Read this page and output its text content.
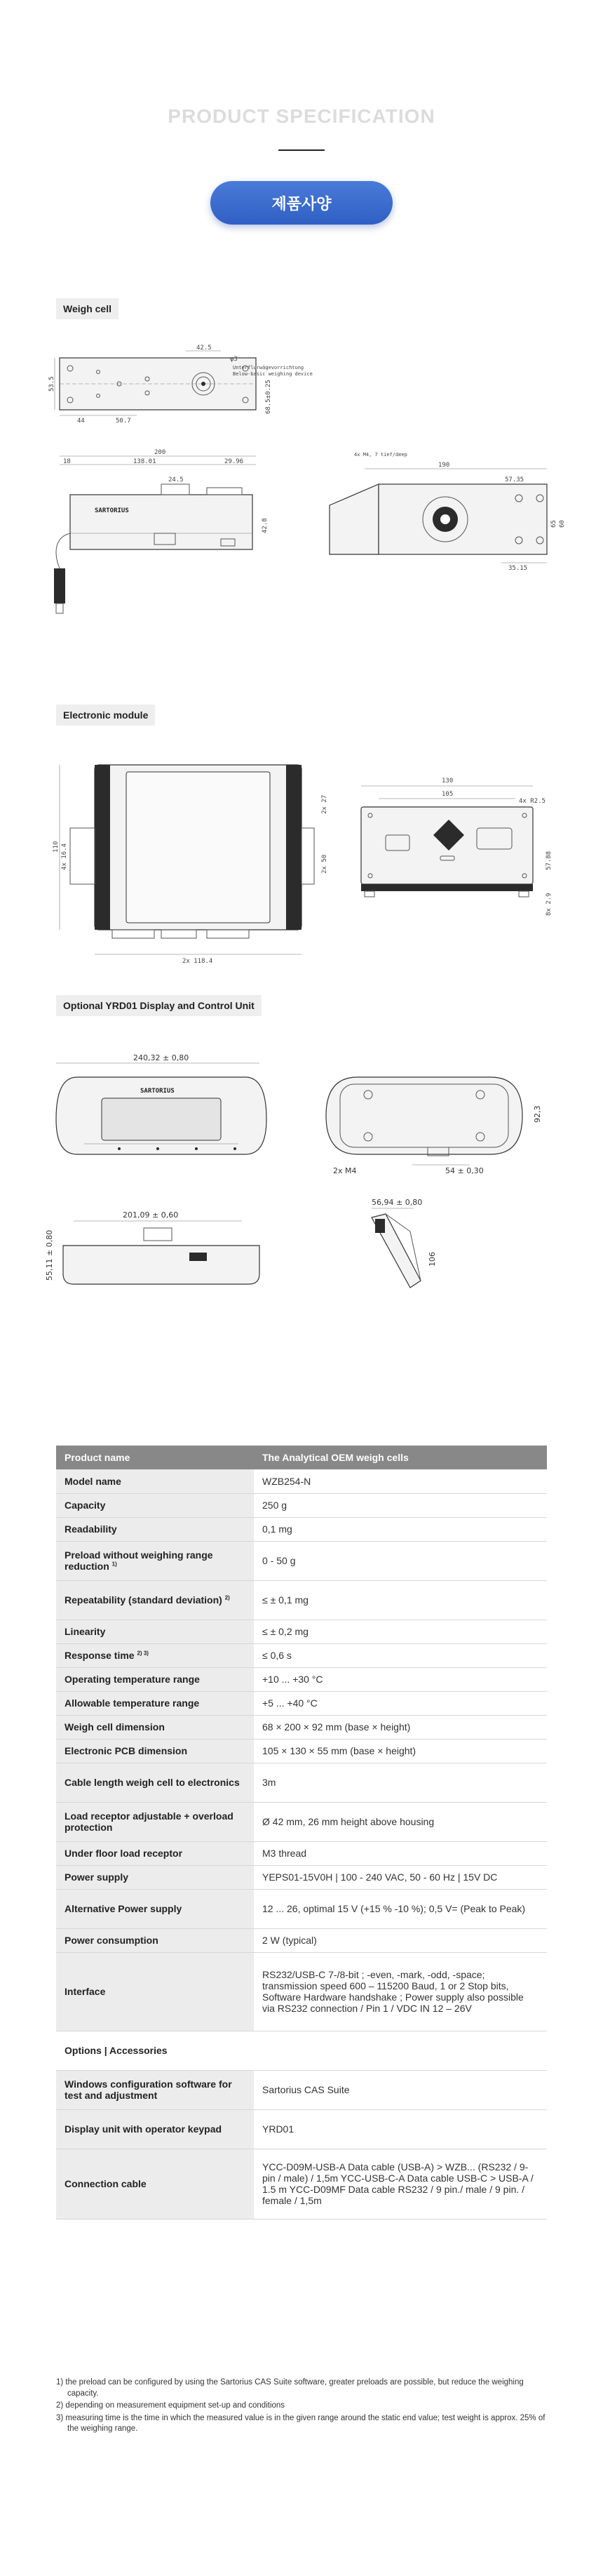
PRODUCT SPECIFICATION
제품사양
Weigh cell
42.5
φ3
Unterflurwägevorrichtung
Below-basic weighing device
53.5
44	50.7
68.5±0.25
200
18	138.01	29.96
SARTORIUS
24.5
42.8
190
4x M4, 7 tief/deep
57.35
65 60
35.15
Electronic module
110 4x 16.4
2x 27
2x 50
2x 118.4
130
105
4x R2.5
57.88
8x 2.9
Optional YRD01 Display and Control Unit
240,32 ± 0,80
SARTORIUS
92,3
2x M4	54 ± 0,30
201,09 ± 0,60
55,11 ± 0,80
56,94 ± 0,80
106
Product name	The Analytical OEM weigh cells
Model name	WZB254-N
Capacity	250 g
Readability	0,1 mg
Preload without weighing range reduction $^{1)}$	0 - 50 g
Repeatability (standard deviation) $^{2)}$	≤ ± 0,1 mg
Linearity	≤ ± 0,2 mg
Response time $^{2) 3)}$	≤ 0,6 s
Operating temperature range	+10 ... +30 °C
Allowable temperature range	+5 ... +40 °C
Weigh cell dimension	68 × 200 × 92 mm (base × height)
Electronic PCB dimension	105 × 130 × 55 mm (base × height)
Cable length weigh cell to electronics	3m
Load receptor adjustable + overload protection	Ø 42 mm, 26 mm height above housing
Under floor load receptor	M3 thread
Power supply	YEPS01-15V0H | 100 - 240 VAC, 50 - 60 Hz | 15V DC
Alternative Power supply	12 ... 26, optimal 15 V (+15 % -10 %); 0,5 V= (Peak to Peak)
Power consumption	2 W (typical)
Interface	RS232/USB-C 7-/8-bit ; -even, -mark, -odd, -space; transmission speed 600 – 115200 Baud, 1 or 2 Stop bits, Software Hardware handshake ; Power supply also possible via RS232 connection / Pin 1 / VDC IN 12 – 26V
Options | Accessories	
Windows configuration software for test and adjustment	Sartorius CAS Suite
Display unit with operator keypad	YRD01
Connection cable	YCC-D09M-USB-A Data cable (USB-A) > WZB... (RS232 / 9-pin / male) / 1,5m YCC-USB-C-A Data cable USB-C > USB-A / 1.5 m YCC-D09MF Data cable RS232 / 9 pin./ male / 9 pin. / female / 1,5m

1) the preload can be configured by using the Sartorius CAS Suite software, greater preloads are possible, but reduce the weighing capacity.

2) depending on measurement equipment set-up and conditions

3) measuring time is the time in which the measured value is in the given range around the static end value; test weight is approx. 25% of the weighing range.
